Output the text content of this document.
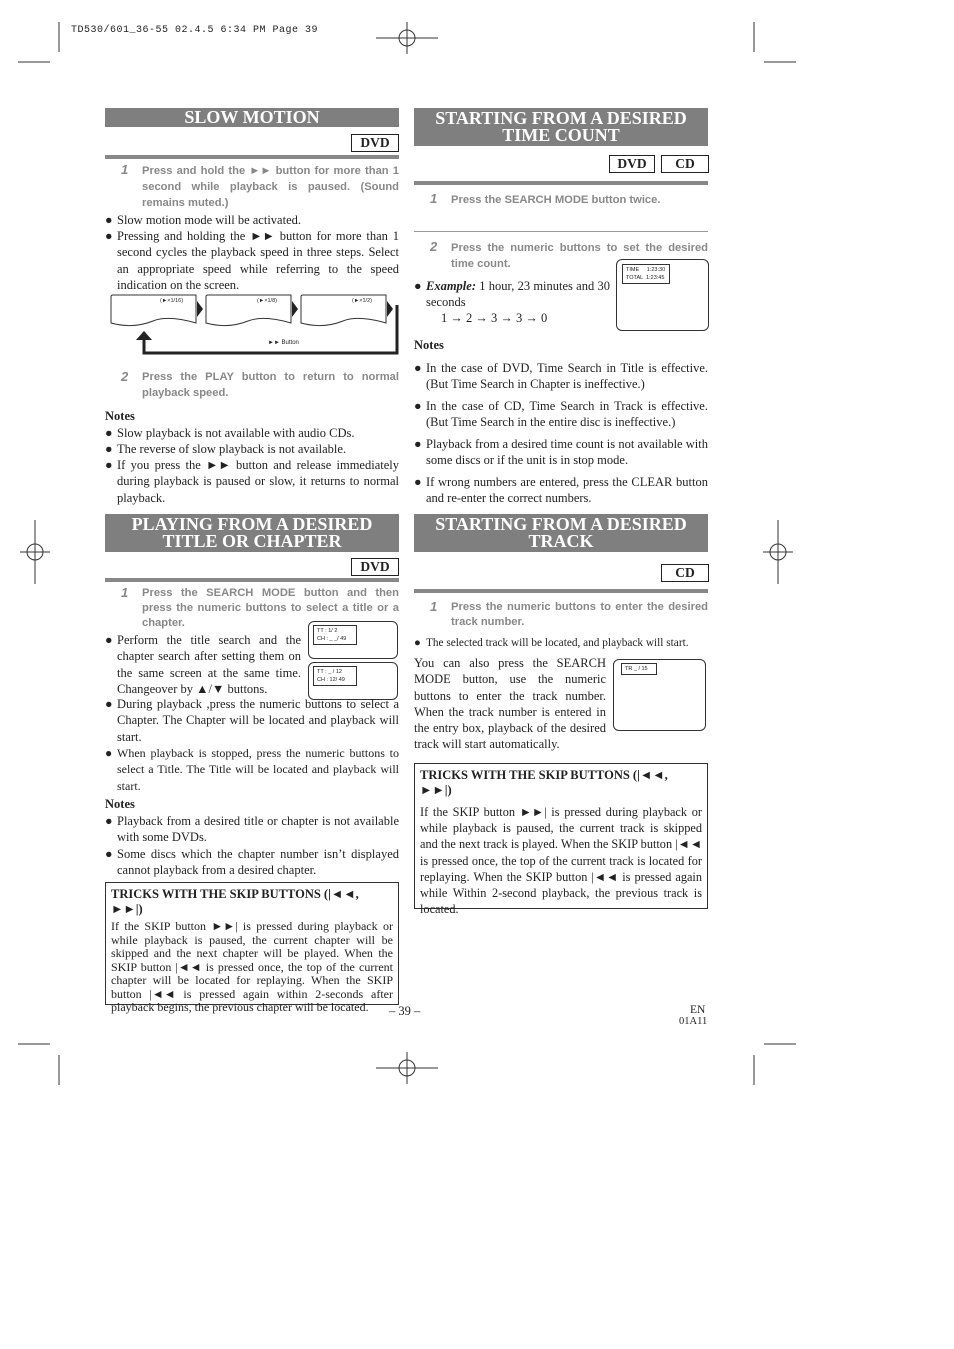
TD530/601_36-55 02.4.5 6:34 PM Page 39
SLOW MOTION
DVD
1 Press and hold the ►► button for more than 1 second while playback is paused. (Sound remains muted.)
● Slow motion mode will be activated.
● Pressing and holding the ►► button for more than 1 second cycles the playback speed in three steps. Select an appropriate speed while referring to the speed indication on the screen.
(►×1/16)	(►×1/8)	(►×1/2)
►► Button
2 Press the PLAY button to return to normal playback speed.
Notes
● Slow playback is not available with audio CDs.
● The reverse of slow playback is not available.
● If you press the ►► button and release immediately during playback is paused or slow, it returns to normal playback.
PLAYING FROM A DESIRED
TITLE OR CHAPTER
DVD
1 Press the SEARCH MODE button and then press the numeric buttons to select a title or a chapter.
TT : 1/ 2
CH : _ _/ 49
TT : _ / 12
CH : 12/ 49
● Perform the title search and the chapter search after setting them on the same screen at the same time. Changeover by ▲/▼ buttons.
● During playback ,press the numeric buttons to select a Chapter. The Chapter will be located and playback will start.
● When playback is stopped, press the numeric buttons to select a Title. The Title will be located and playback will start.
Notes
● Playback from a desired title or chapter is not available with some DVDs.
● Some discs which the chapter number isn’t displayed cannot playback from a desired chapter.
TRICKS WITH THE SKIP BUTTONS (|◄◄, ►►|)
If the SKIP button ►►| is pressed during playback or while playback is paused, the current chapter will be skipped and the next chapter will be played. When the SKIP button |◄◄ is pressed once, the top of the current chapter will be located for replaying. When the SKIP button |◄◄ is pressed again within 2-seconds after playback begins, the previous chapter will be located.
STARTING FROM A DESIRED
TIME COUNT
DVD	CD
1 Press the SEARCH MODE button twice.
2 Press the numeric buttons to set the desired time count.	TIME     1:23:30
TOTAL  1:23:45
● Example: 1 hour, 23 minutes and 30 seconds
1 → 2 → 3 → 3 → 0
Notes
● In the case of DVD, Time Search in Title is effective. (But Time Search in Chapter is ineffective.)
● In the case of CD, Time Search in Track is effective. (But Time Search in the entire disc is ineffective.)
● Playback from a desired time count is not available with some discs or if the unit is in stop mode.
● If wrong numbers are entered, press the CLEAR button and re-enter the correct numbers.
STARTING FROM A DESIRED
TRACK
CD
1 Press the numeric buttons to enter the desired track number.
● The selected track will be located, and playback will start.
TR _ / 15
You can also press the SEARCH MODE button, use the numeric buttons to enter the track number. When the track number is entered in the entry box, playback of the desired track will start automatically.
TRICKS WITH THE SKIP BUTTONS (|◄◄, ►►|)
If the SKIP button ►►| is pressed during playback or while playback is paused, the current track is skipped and the next track is played. When the SKIP button |◄◄ is pressed once, the top of the current track is located for replaying. When the SKIP button |◄◄ is pressed again while Within 2-second playback, the previous track is located.
– 39 –	EN
01A11
